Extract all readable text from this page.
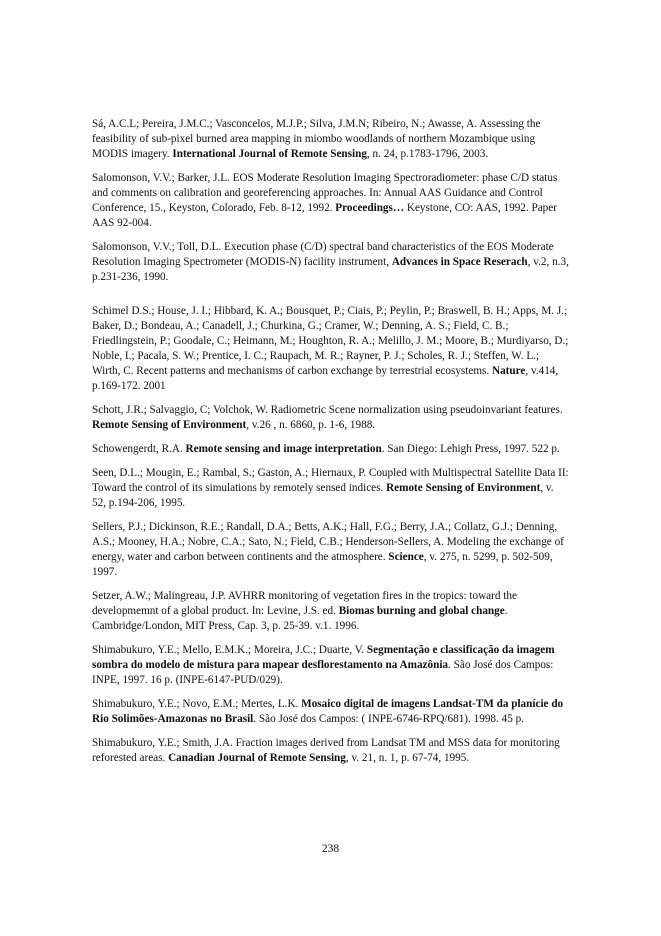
Sá, A.C.L; Pereira, J.M.C.; Vasconcelos, M.J.P.; Silva, J.M.N; Ribeiro, N.; Awasse, A. Assessing the feasibility of sub-pixel burned area mapping in miombo woodlands of northern Mozambique using MODIS imagery. International Journal of Remote Sensing, n. 24, p.1783-1796, 2003.

Salomonson, V.V.; Barker, J.L. EOS Moderate Resolution Imaging Spectroradiometer: phase C/D status and comments on calibration and georeferencing approaches. In: Annual AAS Guidance and Control Conference, 15., Keyston, Colorado, Feb. 8-12, 1992. Proceedings… Keystone, CO: AAS, 1992. Paper AAS 92-004.

Salomonson, V.V.; Toll, D.L. Execution phase (C/D) spectral band characteristics of the EOS Moderate Resolution Imaging Spectrometer (MODIS-N) facility instrument, Advances in Space Reserach, v.2, n.3, p.231-236, 1990.

Schimel D.S.; House, J. I.; Hibbard, K. A.; Bousquet, P.; Ciais, P.; Peylin, P.; Braswell, B. H.; Apps, M. J.; Baker, D.; Bondeau, A.; Canadell, J.; Churkina, G.; Cramer, W.; Denning, A. S.; Field, C. B.; Friedlingstein, P.; Goodale, C.; Heimann, M.; Houghton, R. A.; Melillo, J. M.; Moore, B.; Murdiyarso, D.; Noble, I.; Pacala, S. W.; Prentice, I. C.; Raupach, M. R.; Rayner, P. J.; Scholes, R. J.; Steffen, W. L.; Wirth, C. Recent patterns and mechanisms of carbon exchange by terrestrial ecosystems. Nature, v.414, p.169-172. 2001

Schott, J.R.; Salvaggio, C; Volchok, W. Radiometric Scene normalization using pseudoinvariant features. Remote Sensing of Environment, v.26 , n. 6860, p. 1-6, 1988.

Schowengerdt, R.A. Remote sensing and image interpretation. San Diego: Lehigh Press, 1997. 522 p.

Seen, D.L.; Mougin, E.; Rambal, S.; Gaston, A.; Hiernaux, P. Coupled with Multispectral Satellite Data II: Toward the control of its simulations by remotely sensed indices. Remote Sensing of Environment, v. 52, p.194-206, 1995.

Sellers, P.J.; Dickinson, R.E.; Randall, D.A.; Betts, A.K.; Hall, F.G.; Berry, J.A.; Collatz, G.J.; Denning, A.S.; Mooney, H.A.; Nobre, C.A.; Sato, N.; Field, C.B.; Henderson-Sellers, A. Modeling the exchange of energy, water and carbon between continents and the atmosphere. Science, v. 275, n. 5299, p. 502-509, 1997.

Setzer, A.W.; Malingreau, J.P. AVHRR monitoring of vegetation fires in the tropics: toward the developmemnt of a global product. In: Levine, J.S. ed. Biomas burning and global change. Cambridge/London, MIT Press, Cap. 3, p. 25-39. v.1. 1996.

Shimabukuro, Y.E.; Mello, E.M.K.; Moreira, J.C.; Duarte, V. Segmentação e classificação da imagem sombra do modelo de mistura para mapear desflorestamento na Amazônia. São José dos Campos: INPE, 1997. 16 p. (INPE-6147-PUD/029).

Shimabukuro, Y.E.; Novo, E.M.; Mertes, L.K. Mosaico digital de imagens Landsat-TM da planície do Rio Solimões-Amazonas no Brasil. São José dos Campos: ( INPE-6746-RPQ/681). 1998. 45 p.

Shimabukuro, Y.E.; Smith, J.A. Fraction images derived from Landsat TM and MSS data for monitoring reforested areas. Canadian Journal of Remote Sensing, v. 21, n. 1, p. 67-74, 1995.

238
